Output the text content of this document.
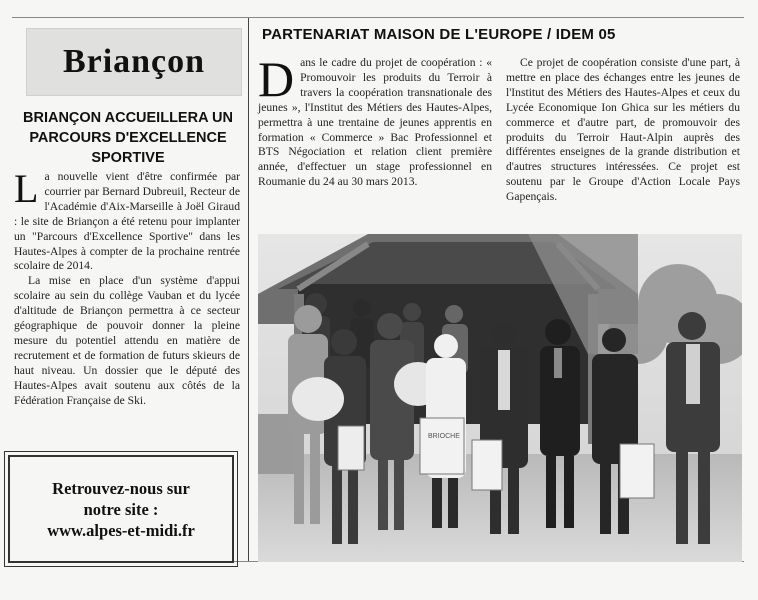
Briançon
BRIANÇON ACCUEILLERA UN PARCOURS D'EXCELLENCE SPORTIVE

La nouvelle vient d'être confirmée par courrier par Bernard Dubreuil, Recteur de l'Académie d'Aix-Marseille à Joël Giraud : le site de Briançon a été retenu pour implanter un "Parcours d'Excellence Sportive" dans les Hautes-Alpes à compter de la prochaine rentrée scolaire de 2014.

La mise en place d'un système d'appui scolaire au sein du collège Vauban et du lycée d'altitude de Briançon permettra à ce secteur géographique de pouvoir donner la pleine mesure du potentiel attendu en matière de recrutement et de formation de futurs skieurs de haut niveau. Un dossier que le député des Hautes-Alpes avait soutenu aux côtés de la Fédération Française de Ski.

Retrouvez-nous sur
notre site :
www.alpes-et-midi.fr
PARTENARIAT MAISON DE L'EUROPE / IDEM 05
Dans le cadre du projet de coopération : « Promouvoir les produits du Terroir à travers la coopération transnationale des jeunes », l'Institut des Métiers des Hautes-Alpes, permettra à une trentaine de jeunes apprentis en formation « Commerce » Bac Professionnel et BTS Négociation et relation client première année, d'effectuer un stage professionnel en Roumanie du 24 au 30 mars 2013.
Ce projet de coopération consiste d'une part, à mettre en place des échanges entre les jeunes de l'Institut des Métiers des Hautes-Alpes et ceux du Lycée Economique Ion Ghica sur les métiers du commerce et d'autre part, de promouvoir des produits du Terroir Haut-Alpin auprès des différentes enseignes de la grande distribution et d'autres structures intéressées. Ce projet est soutenu par le Groupe d'Action Locale Pays Gapençais.
BRIOCHE
